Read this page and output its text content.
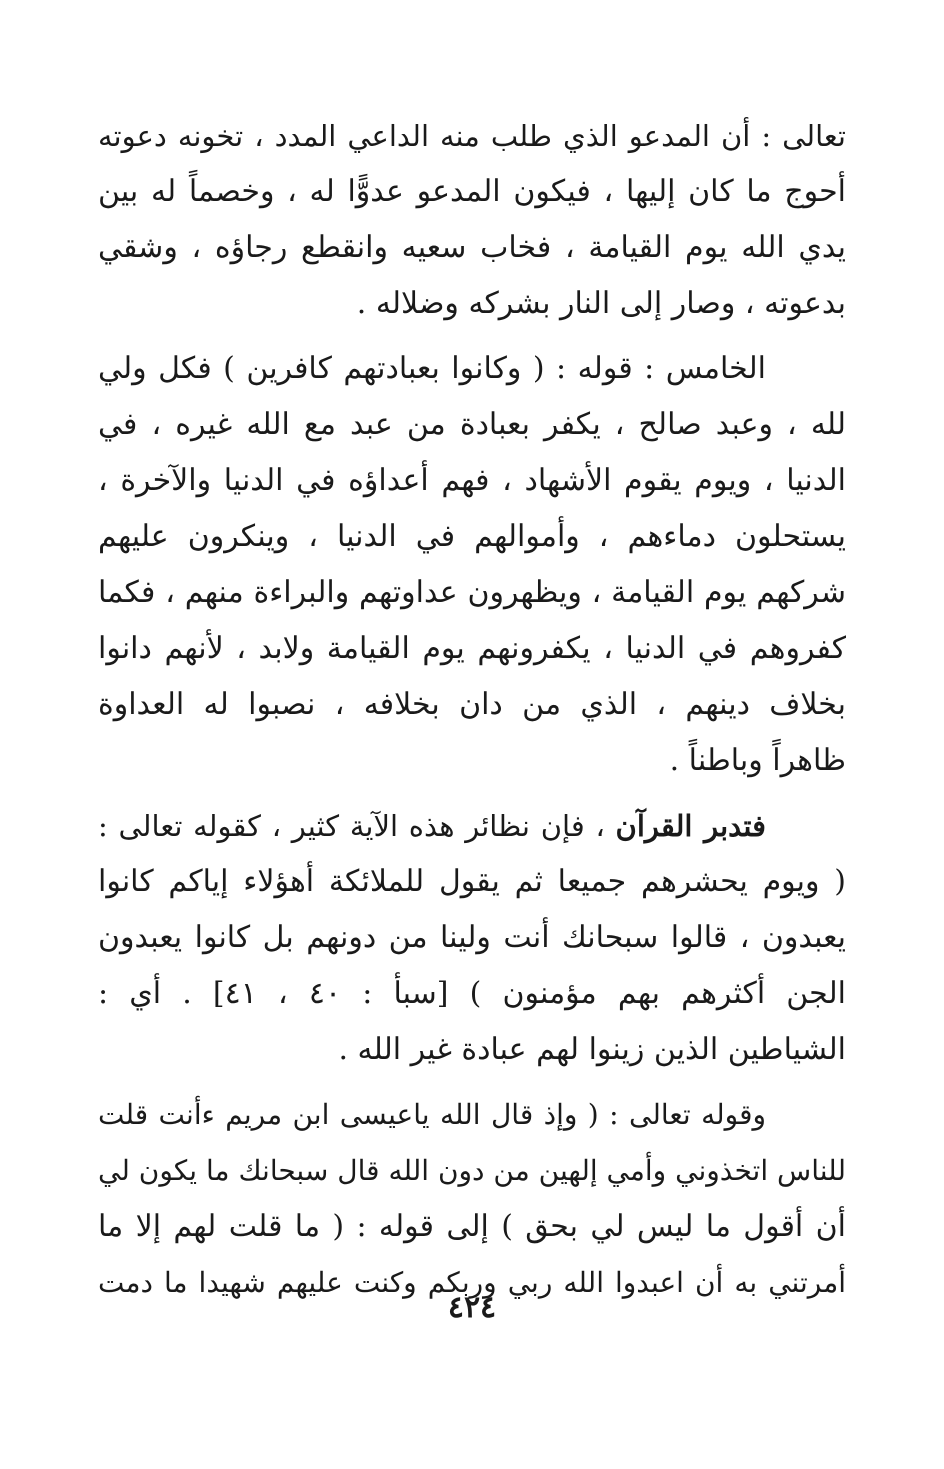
تعالى : أن المدعو الذي طلب منه الداعي المدد ، تخونه دعوته
أحوج ما كان إليها ، فيكون المدعو عدوًّا له ، وخصماً له بين
يدي الله يوم القيامة ، فخاب سعيه وانقطع رجاؤه ، وشقي
بدعوته ، وصار إلى النار بشركه وضلاله .
الخامس : قوله : ( وكانوا بعبادتهم كافرين ) فكل ولي
لله ، وعبد صالح ، يكفر بعبادة من عبد مع الله غيره ، في
الدنيا ، ويوم يقوم الأشهاد ، فهم أعداؤه في الدنيا والآخرة ،
يستحلون دماءهم ، وأموالهم في الدنيا ، وينكرون عليهم
شركهم يوم القيامة ، ويظهرون عداوتهم والبراءة منهم ، فكما
كفروهم في الدنيا ، يكفرونهم يوم القيامة ولابد ، لأنهم دانوا
بخلاف دينهم ، الذي من دان بخلافه ، نصبوا له العداوة
ظاهراً وباطناً .
فتدبر القرآن ، فإن نظائر هذه الآية كثير ، كقوله تعالى :
( ويوم يحشرهم جميعا ثم يقول للملائكة أهؤلاء إياكم كانوا
يعبدون ، قالوا سبحانك أنت ولينا من دونهم بل كانوا يعبدون
الجن أكثرهم بهم مؤمنون ) [سبأ : ٤٠ ، ٤١] . أي :
الشياطين الذين زينوا لهم عبادة غير الله .
وقوله تعالى : ( وإذ قال الله ياعيسى ابن مريم ءأنت قلت
للناس اتخذوني وأمي إلهين من دون الله قال سبحانك ما يكون لي
أن أقول ما ليس لي بحق ) إلى قوله : ( ما قلت لهم إلا ما
أمرتني به أن اعبدوا الله ربي وربكم وكنت عليهم شهيدا ما دمت
٤٢٤
